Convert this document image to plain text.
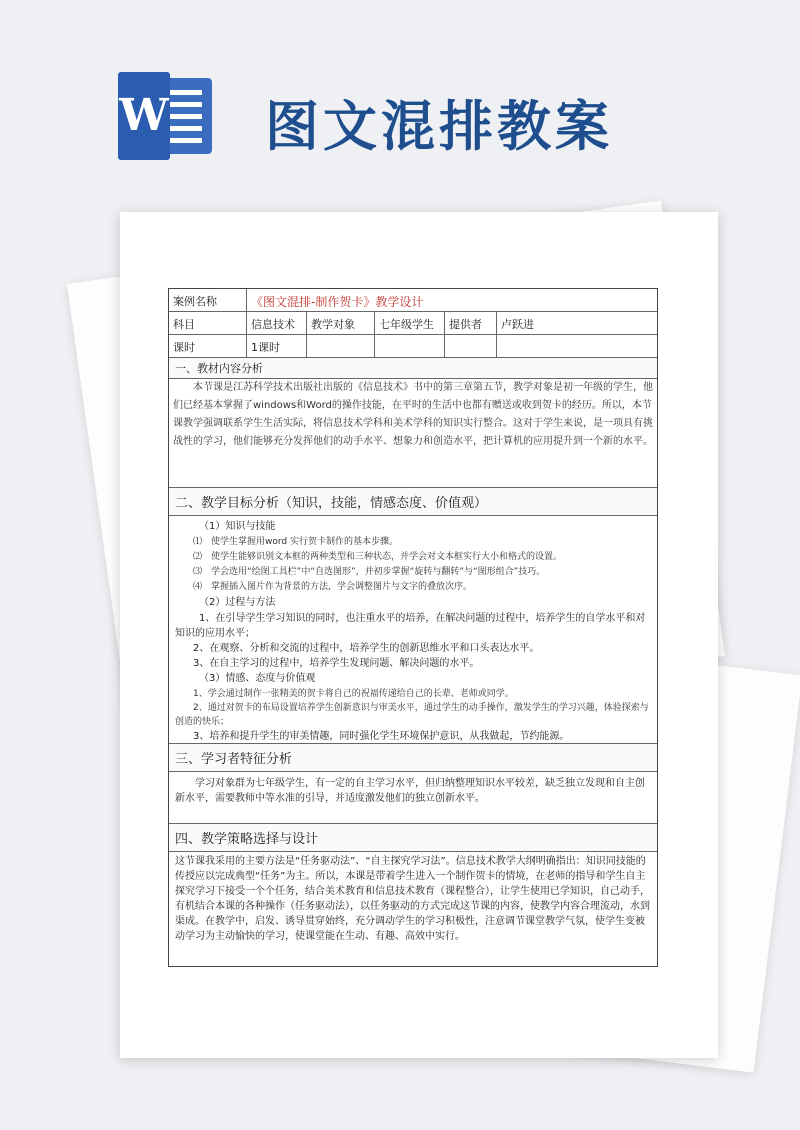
W 图文混排教案
案例名称	《图文混排-制作贺卡》教学设计
科目	信息技术	教学对象	七年级学生	提供者	卢跃进
课时	1课时
一、教材内容分析
本节课是江苏科学技术出版社出版的《信息技术》书中的第三章第五节，教学对象是初一年级的学生，他们已经基本掌握了windows和Word的操作技能，在平时的生活中也都有赠送或收到贺卡的经历。所以，本节课教学强调联系学生生活实际，将信息技术学科和美术学科的知识实行整合。这对于学生来说，是一项具有挑战性的学习，他们能够充分发挥他们的动手水平、想象力和创造水平，把计算机的应用提升到一个新的水平。
二、教学目标分析（知识，技能，情感态度、价值观）
（1）知识与技能
⑴　使学生掌握用word 实行贺卡制作的基本步骤。
⑵　使学生能够识别文本框的两种类型和三种状态，并学会对文本框实行大小和格式的设置。
⑶　学会选用“绘图工具栏”中“自选图形”，并初步掌握“旋转与翻转”与“图形组合”技巧。
⑷　掌握插入图片作为背景的方法，学会调整图片与文字的叠放次序。
（2）过程与方法
1、在引导学生学习知识的同时，也注重水平的培养，在解决问题的过程中，培养学生的自学水平和对知识的应用水平；
2、在观察、分析和交流的过程中，培养学生的创新思维水平和口头表达水平。
3、在自主学习的过程中，培养学生发现问题、解决问题的水平。
（3）情感、态度与价值观
1、学会通过制作一张精美的贺卡将自己的祝福传递给自己的长辈、老师或同学。
2、通过对贺卡的布局设置培养学生创新意识与审美水平，通过学生的动手操作，激发学生的学习兴趣，体验探索与创造的快乐；
3、培养和提升学生的审美情趣，同时强化学生环境保护意识，从我做起，节约能源。
三、学习者特征分析
学习对象群为七年级学生，有一定的自主学习水平，但归纳整理知识水平较差，缺乏独立发现和自主创新水平，需要教师中等水准的引导，并适度激发他们的独立创新水平。
四、教学策略选择与设计
这节课我采用的主要方法是“任务驱动法”、“自主探究学习法”。信息技术教学大纲明确指出：知识同技能的传授应以完成典型“任务”为主。所以，本课是带着学生进入一个制作贺卡的情境，在老师的指导和学生自主探究学习下接受一个个任务，结合美术教育和信息技术教育（课程整合），让学生使用已学知识，自己动手，有机结合本课的各种操作（任务驱动法），以任务驱动的方式完成这节课的内容，使教学内容合理流动，水到渠成。在教学中，启发、诱导贯穿始终，充分调动学生的学习积极性，注意调节课堂教学气氛，使学生变被动学习为主动愉快的学习，使课堂能在生动、有趣、高效中实行。
